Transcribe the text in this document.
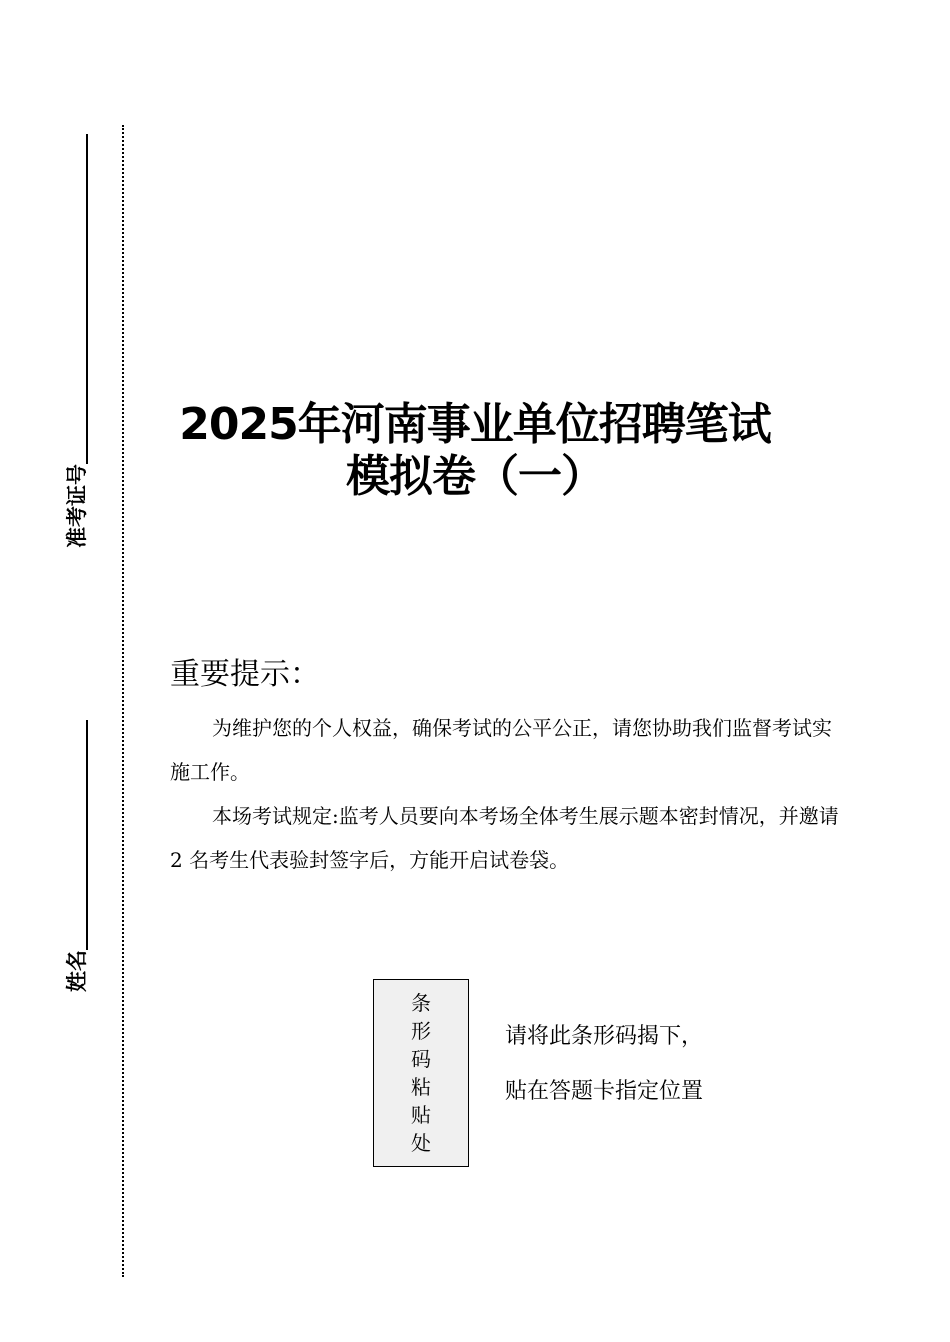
准考证号
姓名
2025年河南事业单位招聘笔试
模拟卷（一）
重要提示：
为维护您的个人权益，确保考试的公平公正，请您协助我们监督考试实施工作。
本场考试规定:监考人员要向本考场全体考生展示题本密封情况，并邀请 2 名考生代表验封签字后，方能开启试卷袋。
条
形
码
粘
贴
处
请将此条形码揭下，
贴在答题卡指定位置
